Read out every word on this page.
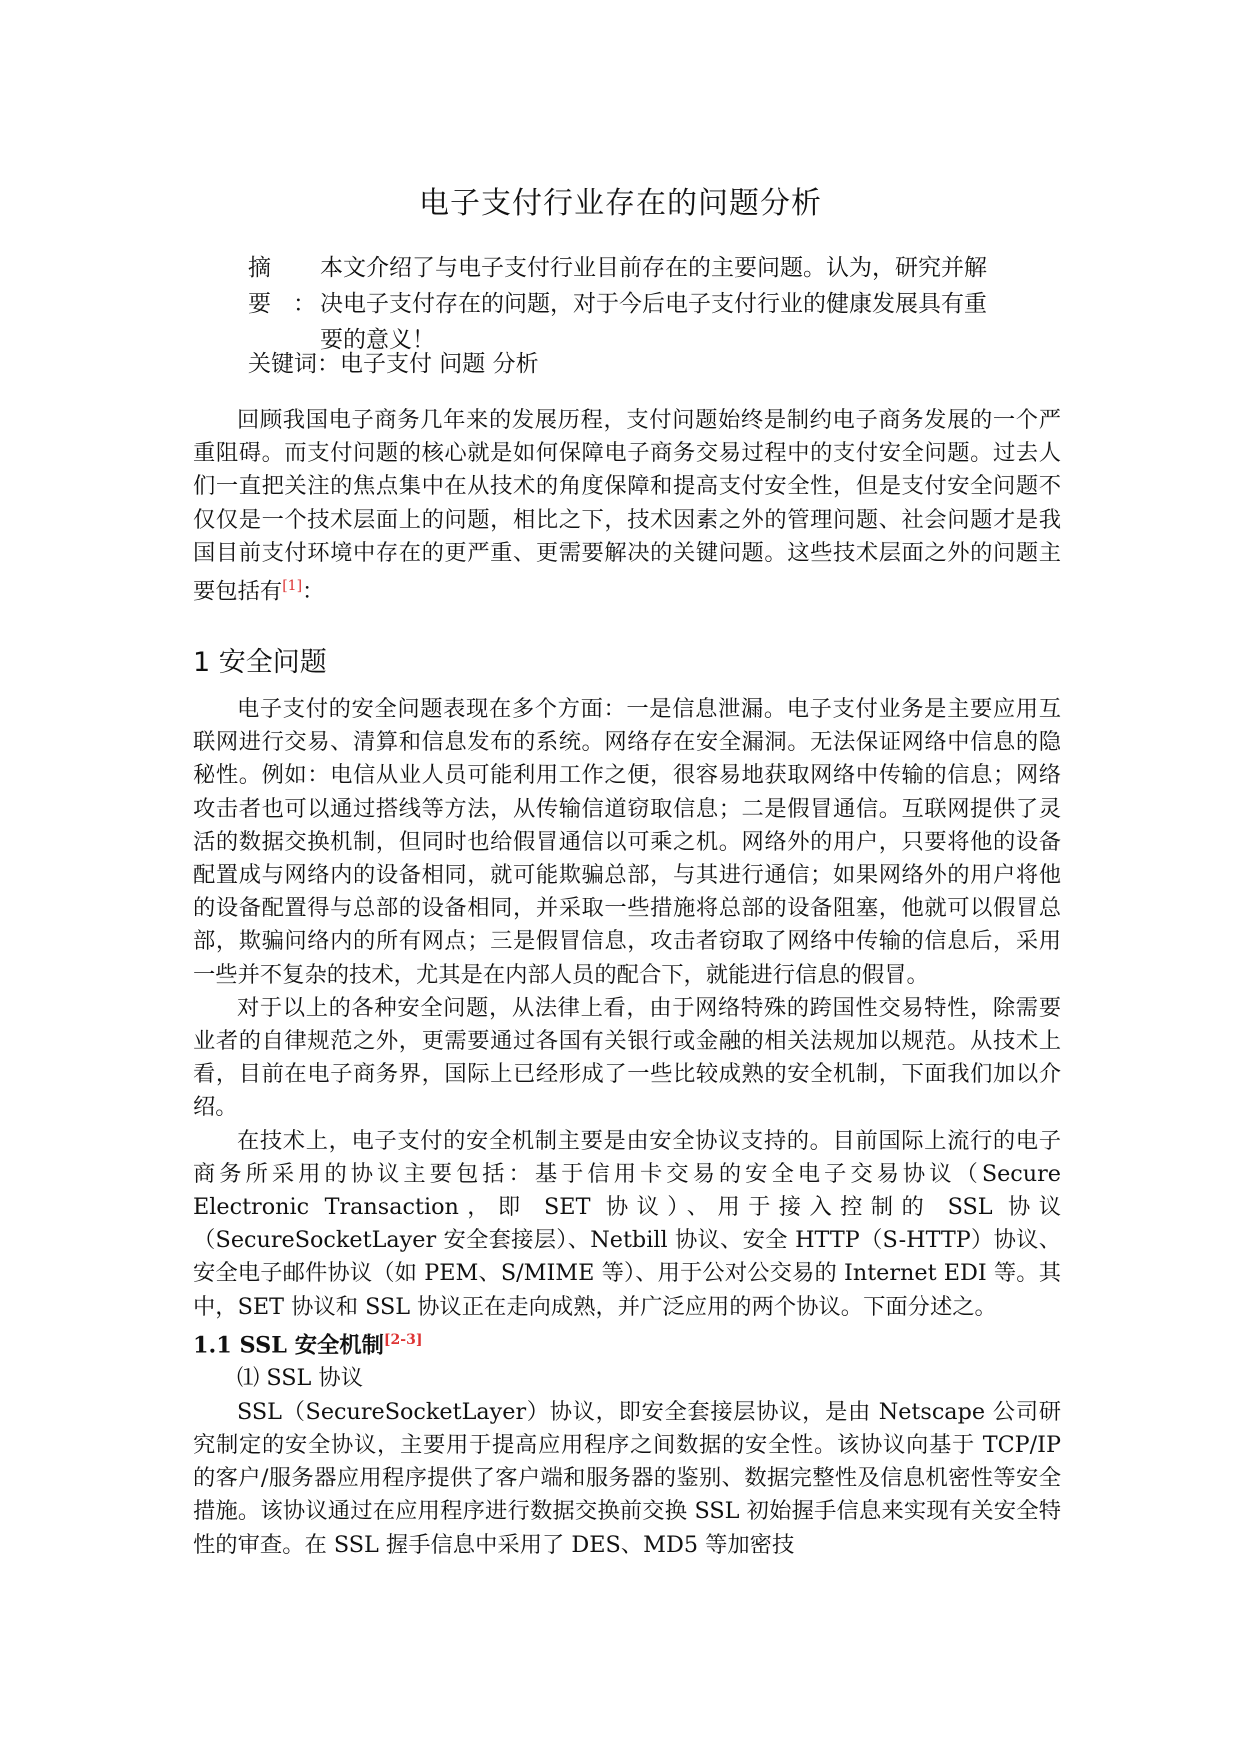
电子支付行业存在的问题分析
摘 要：
本文介绍了与电子支付行业目前存在的主要问题。认为，研究并解决电子支付存在的问题，对于今后电子支付行业的健康发展具有重要的意义！
关键词：电子支付 问题 分析

回顾我国电子商务几年来的发展历程，支付问题始终是制约电子商务发展的一个严重阻碍。而支付问题的核心就是如何保障电子商务交易过程中的支付安全问题。过去人们一直把关注的焦点集中在从技术的角度保障和提高支付安全性，但是支付安全问题不仅仅是一个技术层面上的问题，相比之下，技术因素之外的管理问题、社会问题才是我国目前支付环境中存在的更严重、更需要解决的关键问题。这些技术层面之外的问题主要包括有[1]：

1 安全问题

电子支付的安全问题表现在多个方面：一是信息泄漏。电子支付业务是主要应用互联网进行交易、清算和信息发布的系统。网络存在安全漏洞。无法保证网络中信息的隐秘性。例如：电信从业人员可能利用工作之便，很容易地获取网络中传输的信息；网络攻击者也可以通过搭线等方法，从传输信道窃取信息；二是假冒通信。互联网提供了灵活的数据交换机制，但同时也给假冒通信以可乘之机。网络外的用户，只要将他的设备配置成与网络内的设备相同，就可能欺骗总部，与其进行通信；如果网络外的用户将他的设备配置得与总部的设备相同，并采取一些措施将总部的设备阻塞，他就可以假冒总部，欺骗问络内的所有网点；三是假冒信息，攻击者窃取了网络中传输的信息后，采用一些并不复杂的技术，尤其是在内部人员的配合下，就能进行信息的假冒。

对于以上的各种安全问题，从法律上看，由于网络特殊的跨国性交易特性，除需要业者的自律规范之外，更需要通过各国有关银行或金融的相关法规加以规范。从技术上看，目前在电子商务界，国际上已经形成了一些比较成熟的安全机制，下面我们加以介绍。

在技术上，电子支付的安全机制主要是由安全协议支持的。目前国际上流行的电子商务所采用的协议主要包括：基于信用卡交易的安全电子交易协议（Secure Electronic Transaction，即 SET 协议）、用于接入控制的 SSL 协议（SecureSocketLayer 安全套接层）、Netbill 协议、安全 HTTP（S-HTTP）协议、安全电子邮件协议（如 PEM、S/MIME 等）、用于公对公交易的 Internet EDI 等。其中，SET 协议和 SSL 协议正在走向成熟，并广泛应用的两个协议。下面分述之。

1.1 SSL 安全机制[2-3]

⑴ SSL 协议

SSL（SecureSocketLayer）协议，即安全套接层协议，是由 Netscape 公司研究制定的安全协议，主要用于提高应用程序之间数据的安全性。该协议向基于 TCP/IP 的客户/服务器应用程序提供了客户端和服务器的鉴别、数据完整性及信息机密性等安全措施。该协议通过在应用程序进行数据交换前交换 SSL 初始握手信息来实现有关安全特性的审查。在 SSL 握手信息中采用了 DES、MD5 等加密技
